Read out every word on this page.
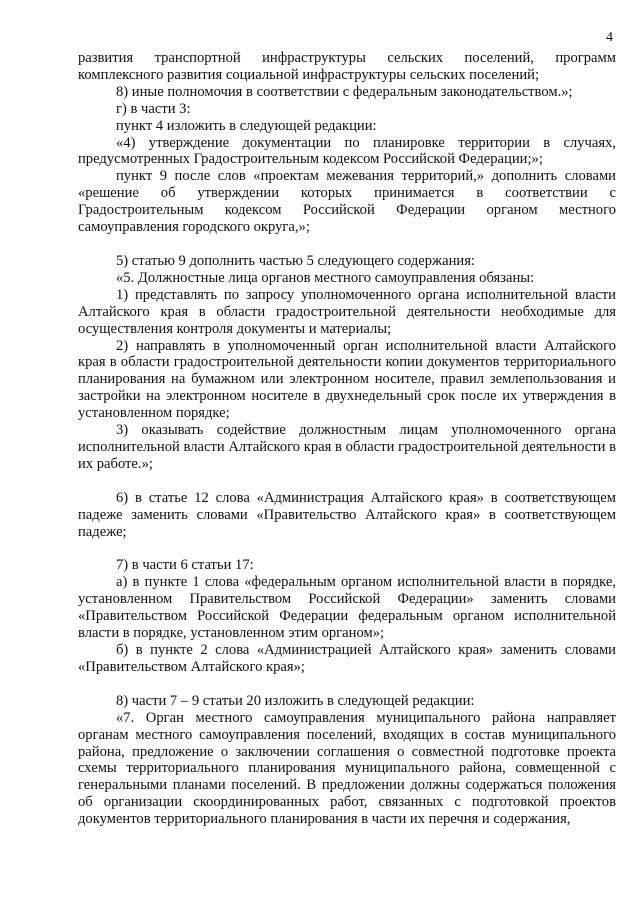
4

развития транспортной инфраструктуры сельских поселений, программ комплексного развития социальной инфраструктуры сельских поселений;

8) иные полномочия в соответствии с федеральным законодательством.»;

г) в части 3:

пункт 4 изложить в следующей редакции:

«4) утверждение документации по планировке территории в случаях, предусмотренных Градостроительным кодексом Российской Федерации;»;

пункт 9 после слов «проектам межевания территорий,» дополнить словами «решение об утверждении которых принимается в соответствии с Градостроительным кодексом Российской Федерации органом местного самоуправления городского округа,»;

5) статью 9 дополнить частью 5 следующего содержания:

«5. Должностные лица органов местного самоуправления обязаны:

1) представлять по запросу уполномоченного органа исполнительной власти Алтайского края в области градостроительной деятельности необходимые для осуществления контроля документы и материалы;

2) направлять в уполномоченный орган исполнительной власти Алтайского края в области градостроительной деятельности копии документов территориального планирования на бумажном или электронном носителе, правил землепользования и застройки на электронном носителе в двухнедельный срок после их утверждения в установленном порядке;

3) оказывать содействие должностным лицам уполномоченного органа исполнительной власти Алтайского края в области градостроительной деятельности в их работе.»;

6) в статье 12 слова «Администрация Алтайского края» в соответствующем падеже заменить словами «Правительство Алтайского края» в соответствующем падеже;

7) в части 6 статьи 17:

а) в пункте 1 слова «федеральным органом исполнительной власти в порядке, установленном Правительством Российской Федерации» заменить словами «Правительством Российской Федерации федеральным органом исполнительной власти в порядке, установленном этим органом»;

б) в пункте 2 слова «Администрацией Алтайского края» заменить словами «Правительством Алтайского края»;

8) части 7 – 9 статьи 20 изложить в следующей редакции:

«7. Орган местного самоуправления муниципального района направляет органам местного самоуправления поселений, входящих в состав муниципального района, предложение о заключении соглашения о совместной подготовке проекта схемы территориального планирования муниципального района, совмещенной с генеральными планами поселений. В предложении должны содержаться положения об организации скоординированных работ, связанных с подготовкой проектов документов территориального планирования в части их перечня и содержания,
